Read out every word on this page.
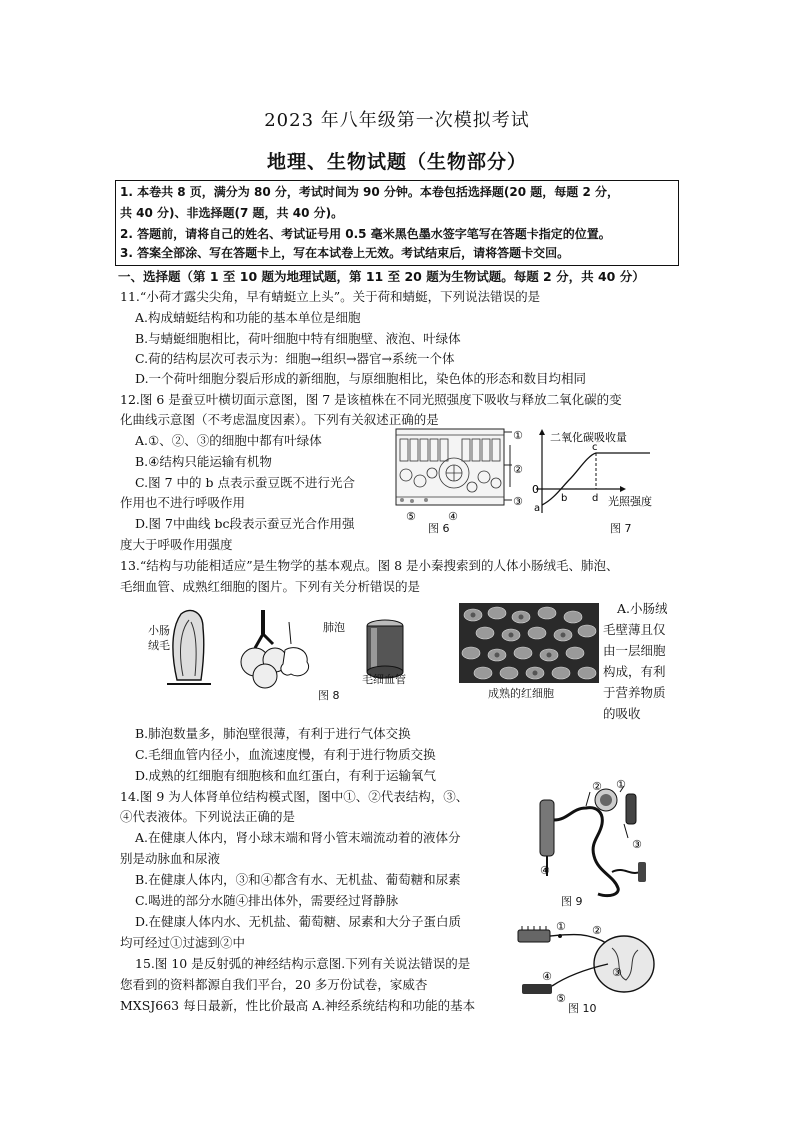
2023 年八年级第一次模拟考试
地理、生物试题（生物部分）
1. 本卷共 8 页，满分为 80 分，考试时间为 90 分钟。本卷包括选择题(20 题，每题 2 分，
共 40 分)、非选择题(7 题，共 40 分)。
2. 答题前，请将自己的姓名、考试证号用 0.5 毫米黑色墨水签字笔写在答题卡指定的位置。
3. 答案全部涂、写在答题卡上，写在本试卷上无效。考试结束后，请将答题卡交回。
一、选择题（第 1 至 10 题为地理试题，第 11 至 20 题为生物试题。每题 2 分，共 40 分）
11.“小荷才露尖尖角，早有蜻蜓立上头”。关于荷和蜻蜓，下列说法错误的是
A.构成蜻蜓结构和功能的基本单位是细胞
B.与蜻蜓细胞相比，荷叶细胞中特有细胞壁、液泡、叶绿体
C.荷的结构层次可表示为：细胞→组织→器官→系统一个体
D.一个荷叶细胞分裂后形成的新细胞，与原细胞相比，染色体的形态和数目均相同
12.图 6 是蚕豆叶横切面示意图，图 7 是该植株在不同光照强度下吸收与释放二氧化碳的变
化曲线示意图（不考虑温度因素）。下列有关叙述正确的是
A.①、②、③的细胞中都有叶绿体
B.④结构只能运输有机物
C.图 7 中的 b 点表示蚕豆既不进行光合
作用也不进行呼吸作用
D.图 7中曲线 bc段表示蚕豆光合作用强
度大于呼吸作用强度
①
②
③
④
⑤
图 6
二氧化碳吸收量
0
a
b
c
d 光照强度
图 7
13.“结构与功能相适应”是生物学的基本观点。图 8 是小秦搜索到的人体小肠绒毛、肺泡、
毛细血管、成熟红细胞的图片。下列有关分析错误的是
小肠
绒毛
肺泡
毛细血管
图 8	成熟的红细胞
A.小肠绒
毛壁薄且仅
由一层细胞
构成，有利
于营养物质
的吸收
B.肺泡数量多，肺泡壁很薄，有利于进行气体交换
C.毛细血管内径小，血流速度慢，有利于进行物质交换
D.成熟的红细胞有细胞核和血红蛋白，有利于运输氧气
14.图 9 为人体肾单位结构模式图，图中①、②代表结构，③、
④代表液体。下列说法正确的是
A.在健康人体内，肾小球末端和肾小管末端流动着的液体分
别是动脉血和尿液
B.在健康人体内，③和④都含有水、无机盐、葡萄糖和尿素
C.喝进的部分水随④排出体外，需要经过肾静脉
D.在健康人体内水、无机盐、葡萄糖、尿素和大分子蛋白质
均可经过①过滤到②中
② ①
③
④
图 9
15.图 10 是反射弧的神经结构示意图.下列有关说法错误的是
您看到的资料都源自我们平台，20 多万份试卷，家威杏
MXSJ663 每日最新，性比价最高 A.神经系统结构和功能的基本
① ②
③
④
⑤
图 10
